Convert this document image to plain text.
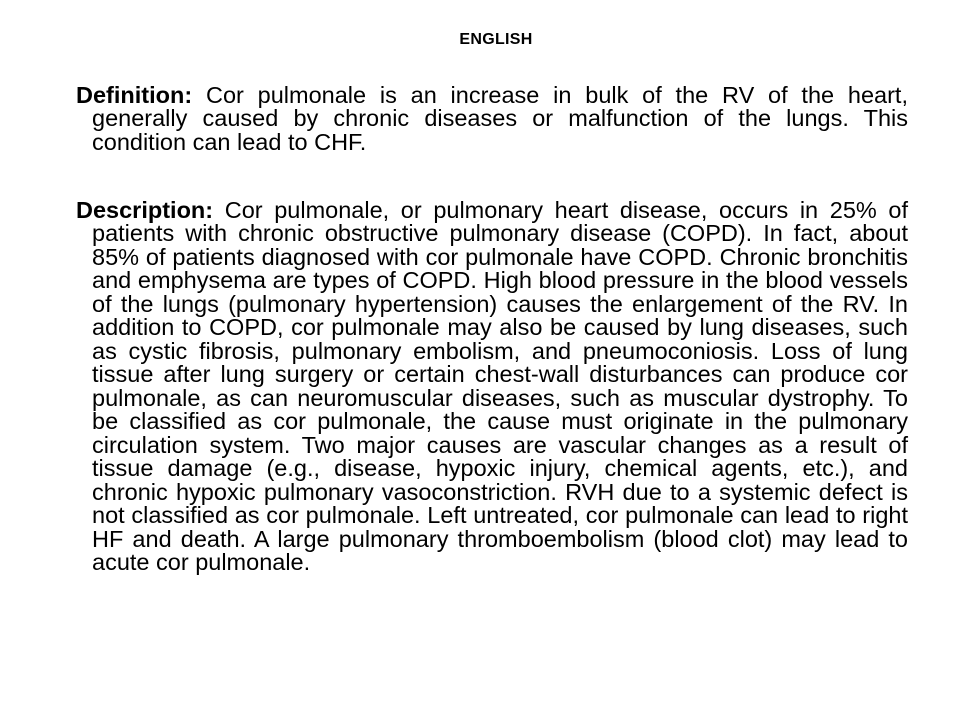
ENGLISH

Definition: Cor pulmonale is an increase in bulk of the RV of the heart, generally caused by chronic diseases or malfunction of the lungs. This condition can lead to CHF.

Description: Cor pulmonale, or pulmonary heart disease, occurs in 25% of patients with chronic obstructive pulmonary disease (COPD). In fact, about 85% of patients diagnosed with cor pulmonale have COPD. Chronic bronchitis and emphysema are types of COPD. High blood pressure in the blood vessels of the lungs (pulmonary hypertension) causes the enlargement of the RV. In addition to COPD, cor pulmonale may also be caused by lung diseases, such as cystic fibrosis, pulmonary embolism, and pneumoconiosis. Loss of lung tissue after lung surgery or certain chest-wall disturbances can produce cor pulmonale, as can neuromuscular diseases, such as muscular dystrophy. To be classified as cor pulmonale, the cause must originate in the pulmonary circulation system. Two major causes are vascular changes as a result of tissue damage (e.g., disease, hypoxic injury, chemical agents, etc.), and chronic hypoxic pulmonary vasoconstriction. RVH due to a systemic defect is not classified as cor pulmonale. Left untreated, cor pulmonale can lead to right HF and death. A large pulmonary thromboembolism (blood clot) may lead to acute cor pulmonale.
